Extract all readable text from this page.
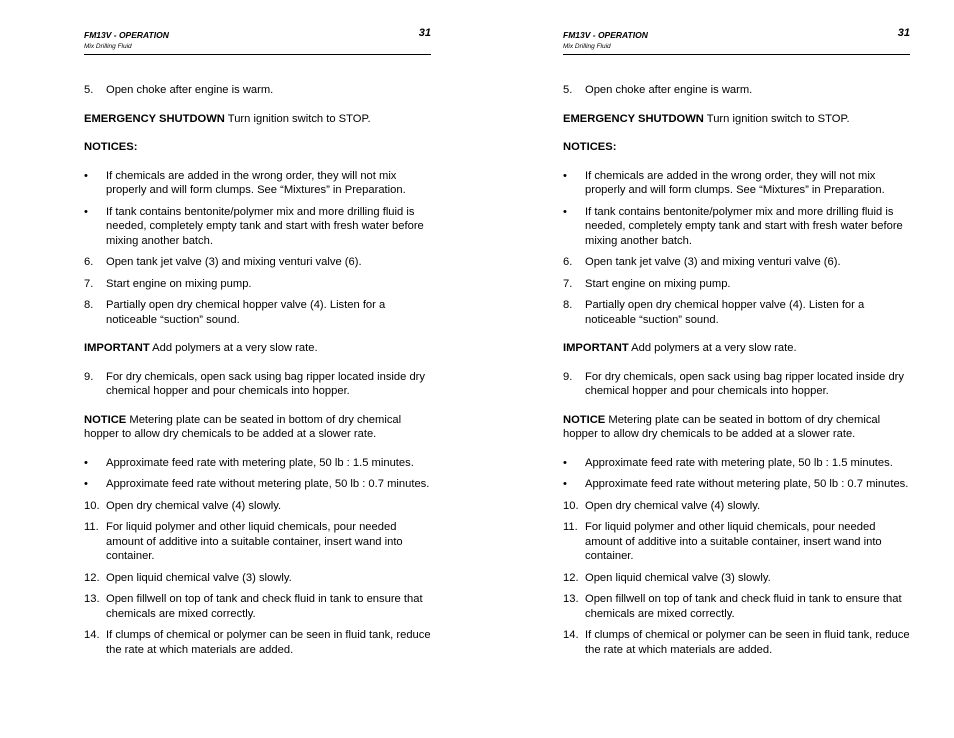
FM13V - OPERATION
Mix Drilling Fluid
31
5. Open choke after engine is warm.
EMERGENCY SHUTDOWN Turn ignition switch to STOP.
NOTICES:
• If chemicals are added in the wrong order, they will not mix properly and will form clumps. See “Mixtures” in Preparation.
• If tank contains bentonite/polymer mix and more drilling fluid is needed, completely empty tank and start with fresh water before mixing another batch.
6. Open tank jet valve (3) and mixing venturi valve (6).
7. Start engine on mixing pump.
8. Partially open dry chemical hopper valve (4). Listen for a noticeable “suction” sound.
IMPORTANT Add polymers at a very slow rate.
9. For dry chemicals, open sack using bag ripper located inside dry chemical hopper and pour chemicals into hopper.
NOTICE Metering plate can be seated in bottom of dry chemical hopper to allow dry chemicals to be added at a slower rate.
• Approximate feed rate with metering plate, 50 lb : 1.5 minutes.
• Approximate feed rate without metering plate, 50 lb : 0.7 minutes.
10. Open dry chemical valve (4) slowly.
11. For liquid polymer and other liquid chemicals, pour needed amount of additive into a suitable container, insert wand into container.
12. Open liquid chemical valve (3) slowly.
13. Open fillwell on top of tank and check fluid in tank to ensure that chemicals are mixed correctly.
14. If clumps of chemical or polymer can be seen in fluid tank, reduce the rate at which materials are added.
FM13V - OPERATION
Mix Drilling Fluid
31
5. Open choke after engine is warm.
EMERGENCY SHUTDOWN Turn ignition switch to STOP.
NOTICES:
• If chemicals are added in the wrong order, they will not mix properly and will form clumps. See “Mixtures” in Preparation.
• If tank contains bentonite/polymer mix and more drilling fluid is needed, completely empty tank and start with fresh water before mixing another batch.
6. Open tank jet valve (3) and mixing venturi valve (6).
7. Start engine on mixing pump.
8. Partially open dry chemical hopper valve (4). Listen for a noticeable “suction” sound.
IMPORTANT Add polymers at a very slow rate.
9. For dry chemicals, open sack using bag ripper located inside dry chemical hopper and pour chemicals into hopper.
NOTICE Metering plate can be seated in bottom of dry chemical hopper to allow dry chemicals to be added at a slower rate.
• Approximate feed rate with metering plate, 50 lb : 1.5 minutes.
• Approximate feed rate without metering plate, 50 lb : 0.7 minutes.
10. Open dry chemical valve (4) slowly.
11. For liquid polymer and other liquid chemicals, pour needed amount of additive into a suitable container, insert wand into container.
12. Open liquid chemical valve (3) slowly.
13. Open fillwell on top of tank and check fluid in tank to ensure that chemicals are mixed correctly.
14. If clumps of chemical or polymer can be seen in fluid tank, reduce the rate at which materials are added.
